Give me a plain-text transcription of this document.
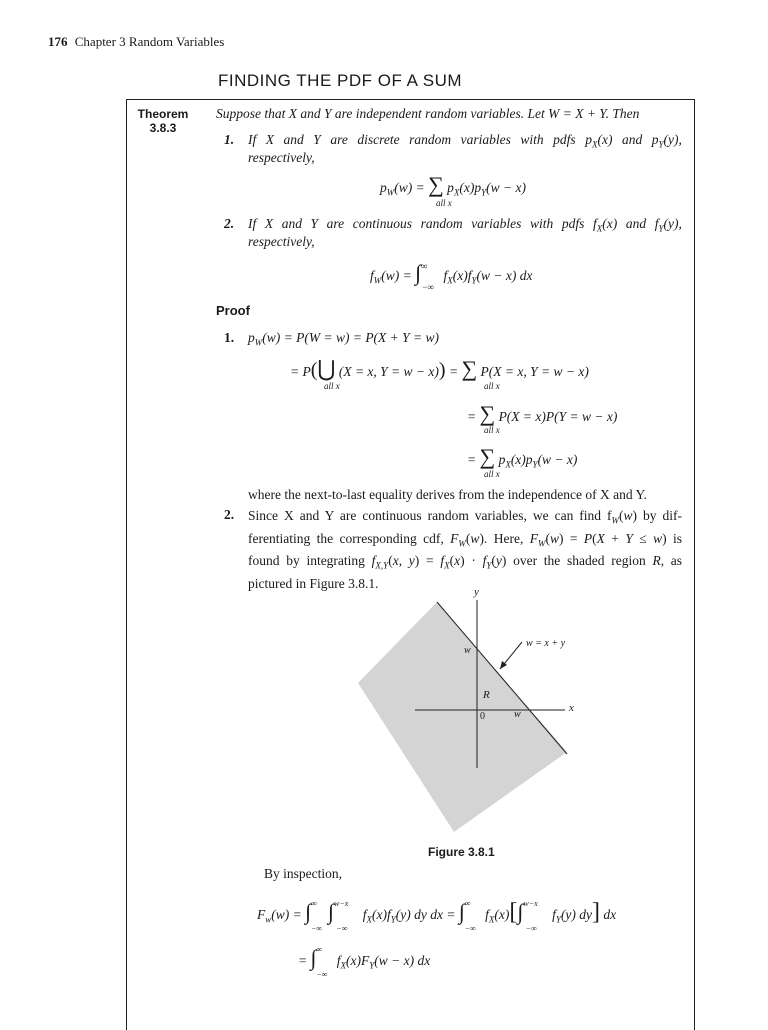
176 Chapter 3 Random Variables
FINDING THE PDF OF A SUM
Theorem
3.8.3
Suppose that X and Y are independent random variables. Let W = X + Y. Then
1. If X and Y are discrete random variables with pdfs $p_X(x)$ and $p_Y(y)$,
respectively,
$p_W(w)$ = ∑ $p_X(x)p_Y(w - x)$
all x
2. If X and Y are continuous random variables with pdfs $f_X(x)$ and $f_Y(y)$,
respectively,
$f_W(w) = \int^\infty_{-\infty}$ $f_X(x)f_Y(w - x)$ dx
Proof
1. $p_W(w) = P(W = w) = P(X + Y = w)$
= P(⋃ (X = x, Y = w − x)) = ∑ P(X = x, Y = w − x)
all x	all x
= ∑ P(X = x)P(Y = w − x)
all x
= ∑ $p_X(x)p_Y(w - x)$
all x
where the next-to-last equality derives from the independence of X and Y.
2. Since X and Y are continuous random variables, we can find $f_W(w)$ by dif-
ferentiating the corresponding cdf, $F_W(w)$. Here, $F_W(w) = P(X + Y \le w)$ is
found by integrating $f_{X,Y}(x$, $y) = f_X(x) \cdot f_Y(y)$ over the shaded region R, as
pictured in Figure 3.8.1.
y
x
w = x + y
w
w
0
R
Figure 3.8.1
By inspection,
$F_w(w) = \int^\infty_{-\infty}\int^{w-x}_{-\infty}$ $f_X(x)f_Y(y)$ dy dx = $\int^\infty_{-\infty}$ $f_X(x)[\int^{w-x}_{-\infty}$ $f_Y(y)$ dy] dx
= $\int^\infty_{-\infty}$ $f_X(x)F_Y(w - x)$ dx
